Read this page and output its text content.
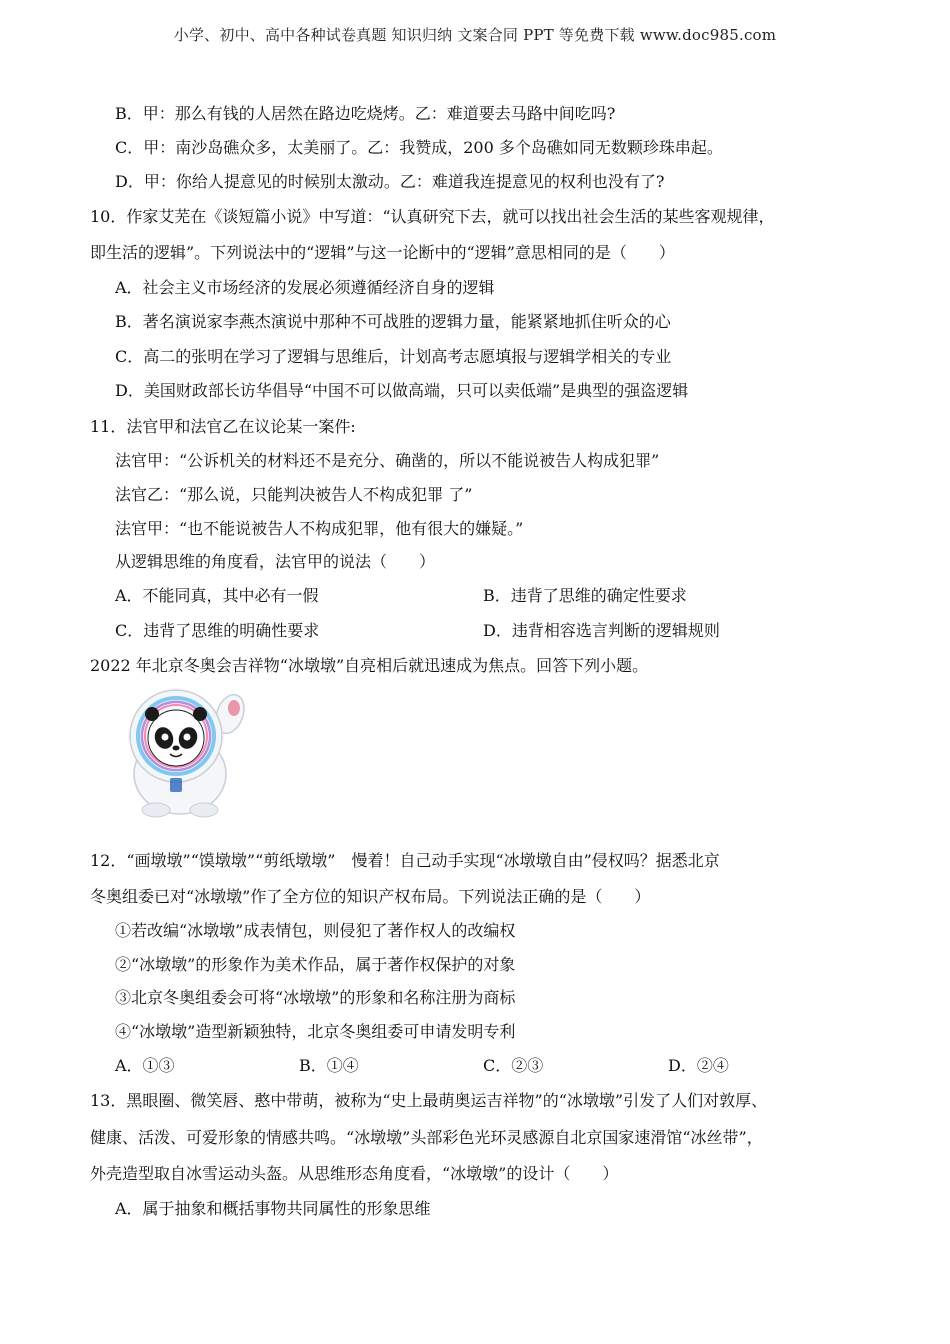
小学、初中、高中各种试卷真题 知识归纳 文案合同 PPT 等免费下载 www.doc985.com
B．甲：那么有钱的人居然在路边吃烧烤。乙：难道要去马路中间吃吗?
C．甲：南沙岛礁众多，太美丽了。乙：我赞成，200 多个岛礁如同无数颗珍珠串起。
D．甲：你给人提意见的时候别太激动。乙：难道我连提意见的权利也没有了?
10．作家艾芜在《谈短篇小说》中写道：“认真研究下去，就可以找出社会生活的某些客观规律，
即生活的逻辑”。下列说法中的“逻辑”与这一论断中的“逻辑”意思相同的是（　　）
A．社会主义市场经济的发展必须遵循经济自身的逻辑
B．著名演说家李燕杰演说中那种不可战胜的逻辑力量，能紧紧地抓住听众的心
C．高二的张明在学习了逻辑与思维后，计划高考志愿填报与逻辑学相关的专业
D．美国财政部长访华倡导“中国不可以做高端，只可以卖低端”是典型的强盗逻辑
11．法官甲和法官乙在议论某一案件:
法官甲：“公诉机关的材料还不是充分、确凿的，所以不能说被告人构成犯罪”
法官乙：“那么说，只能判决被告人不构成犯罪 了”
法官甲：“也不能说被告人不构成犯罪，他有很大的嫌疑。”
从逻辑思维的角度看，法官甲的说法（　　）
A．不能同真，其中必有一假	B．违背了思维的确定性要求
C．违背了思维的明确性要求	D．违背相容选言判断的逻辑规则
2022 年北京冬奥会吉祥物“冰墩墩”自亮相后就迅速成为焦点。回答下列小题。
12．“画墩墩”“馍墩墩”“剪纸墩墩”　慢着！自己动手实现“冰墩墩自由”侵权吗？据悉北京
冬奥组委已对“冰墩墩”作了全方位的知识产权布局。下列说法正确的是（　　）
①若改编“冰墩墩”成表情包，则侵犯了著作权人的改编权
②“冰墩墩”的形象作为美术作品，属于著作权保护的对象
③北京冬奥组委会可将“冰墩墩”的形象和名称注册为商标
④“冰墩墩”造型新颖独特，北京冬奥组委可申请发明专利
A．①③	B．①④	C．②③	D．②④
13．黑眼圈、微笑唇、憨中带萌，被称为“史上最萌奥运吉祥物”的“冰墩墩”引发了人们对敦厚、
健康、活泼、可爱形象的情感共鸣。“冰墩墩”头部彩色光环灵感源自北京国家速滑馆“冰丝带”，
外壳造型取自冰雪运动头盔。从思维形态角度看，“冰墩墩”的设计（　　）
A．属于抽象和概括事物共同属性的形象思维
